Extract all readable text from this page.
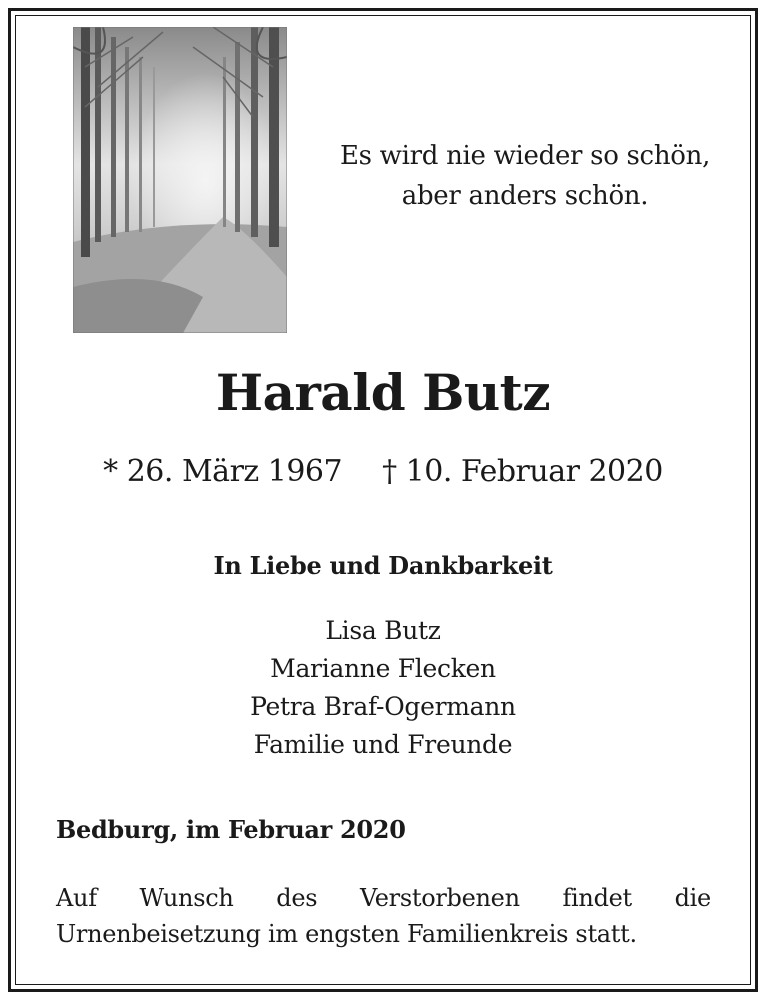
Es wird nie wieder so schön,
aber anders schön.
Harald Butz
* 26. März 1967 † 10. Februar 2020
In Liebe und Dankbarkeit
Lisa Butz
Marianne Flecken
Petra Braf-Ogermann
Familie und Freunde
Bedburg, im Februar 2020
Auf Wunsch des Verstorbenen findet die
Urnenbeisetzung im engsten Familienkreis statt.
